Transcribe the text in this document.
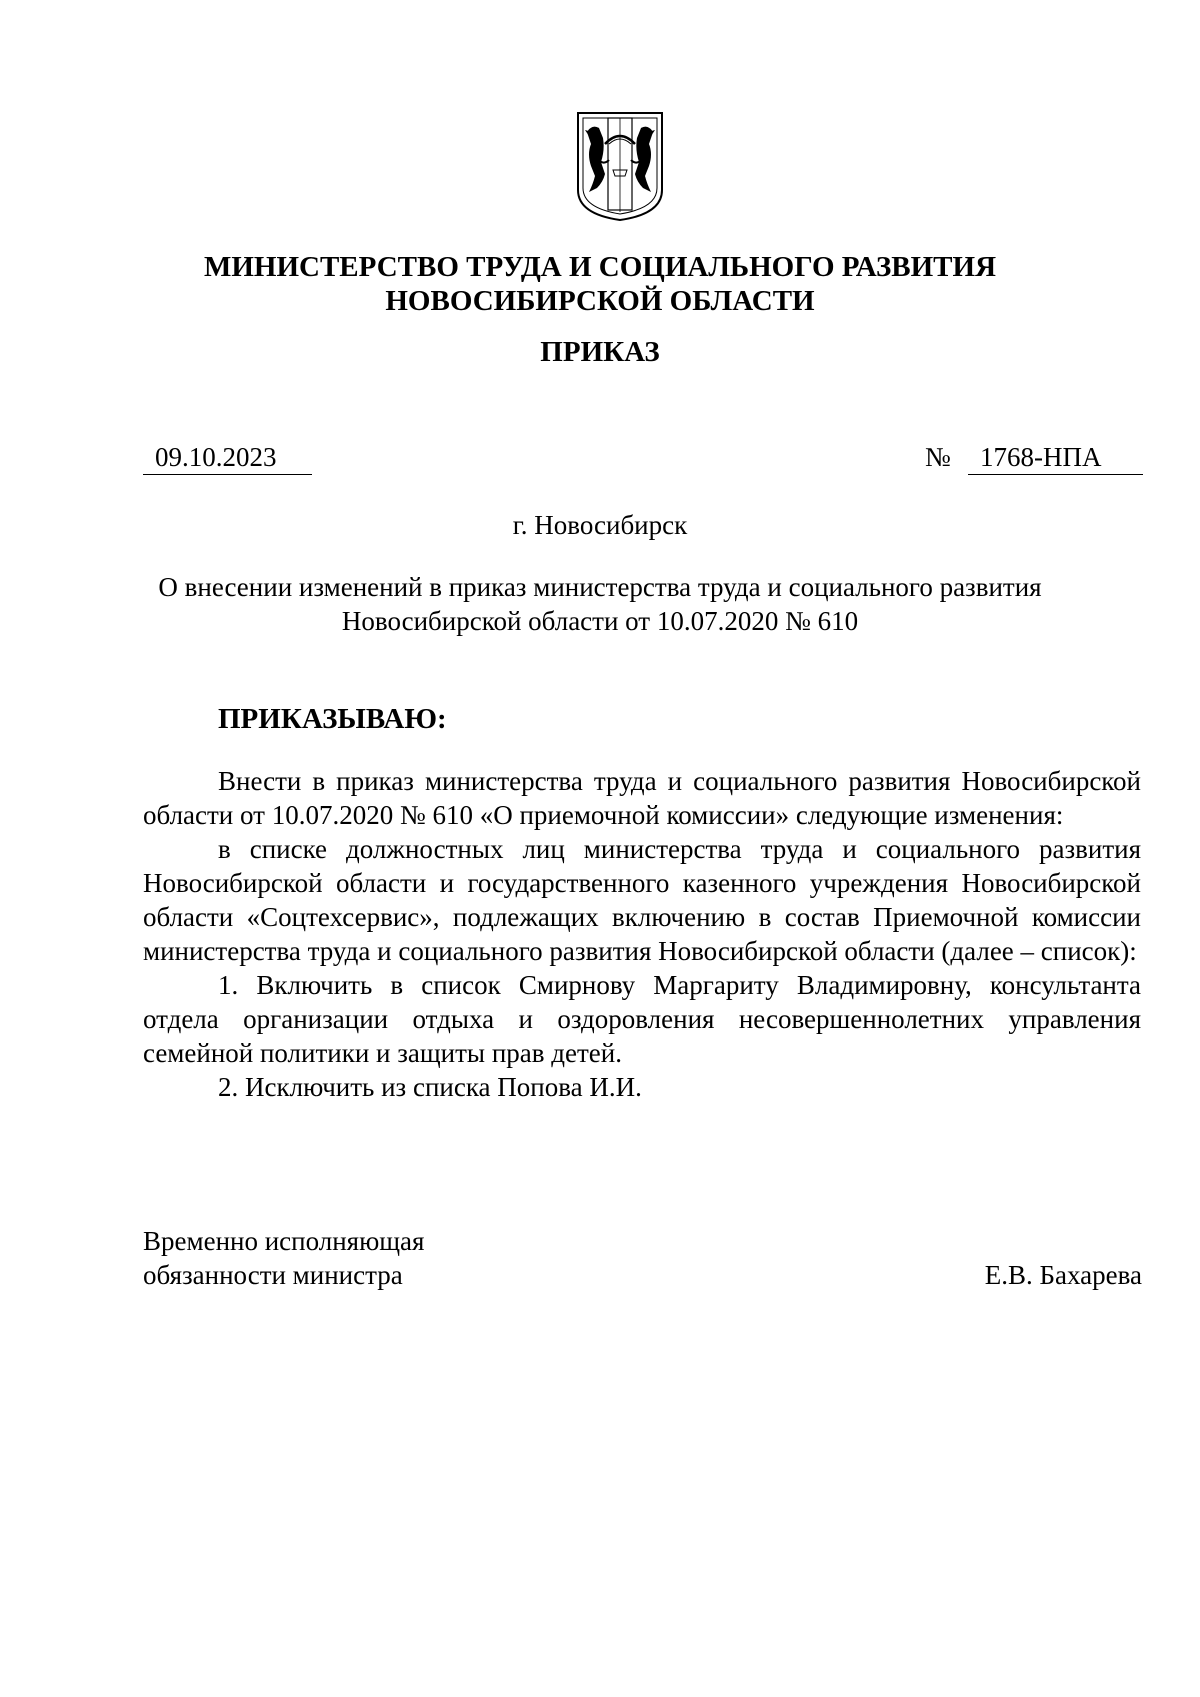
МИНИСТЕРСТВО ТРУДА И СОЦИАЛЬНОГО РАЗВИТИЯ
НОВОСИБИРСКОЙ ОБЛАСТИ
ПРИКАЗ
09.10.2023	№	1768-НПА
г. Новосибирск
О внесении изменений в приказ министерства труда и социального развития
Новосибирской области от 10.07.2020 № 610
ПРИКАЗЫВАЮ:

Внести в приказ министерства труда и социального развития Новосибирской области от 10.07.2020 № 610 «О приемочной комиссии» следующие изменения:

в списке должностных лиц министерства труда и социального развития Новосибирской области и государственного казенного учреждения Новосибирской области «Соцтехсервис», подлежащих включению в состав Приемочной комиссии министерства труда и социального развития Новосибирской области (далее – список):

1. Включить в список Смирнову Маргариту Владимировну, консультанта отдела организации отдыха и оздоровления несовершеннолетних управления семейной политики и защиты прав детей.

2. Исключить из списка Попова И.И.

Временно исполняющая
обязанности министра	Е.В. Бахарева
